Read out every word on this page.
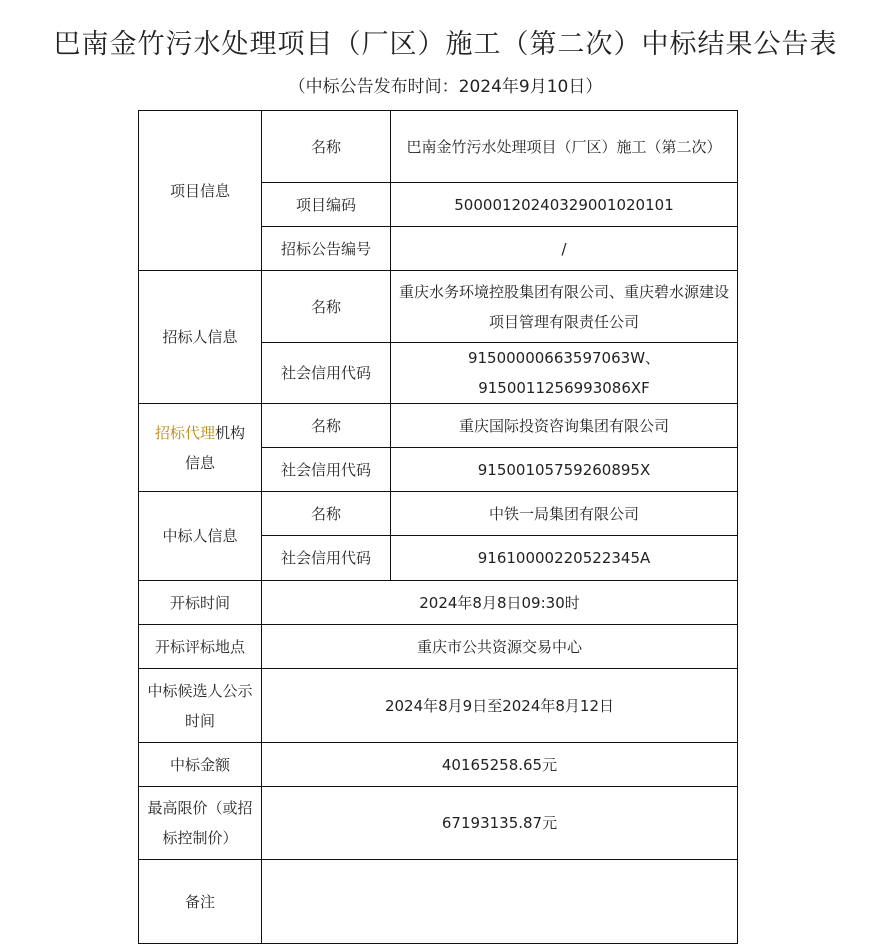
巴南金竹污水处理项目（厂区）施工（第二次）中标结果公告表
（中标公告发布时间：2024年9月10日）
项目信息	名称	巴南金竹污水处理项目（厂区）施工（第二次）
	项目编码	500001202403290010 20101
	招标公告编号	/
招标人信息	名称	重庆水务环境控股集团有限公司、重庆碧水源建设项目管理有限责任公司
	社会信用代码	91500000663597063W、9150011256993086XF
招标代理机构
信息	名称	重庆国际投资咨询集团有限公司
	社会信用代码	91500105759260895X
中标人信息	名称	中铁一局集团有限公司
	社会信用代码	91610000220522345A
开标时间	2024年8月8日09:30时	
开标评标地点	重庆市公共资源交易中心	
中标候选人公示时间	2024年8月9日至2024年8月12日	
中标金额	40165258.65元	
最高限价（或招标控制价）	67193135.87元	
备注		
